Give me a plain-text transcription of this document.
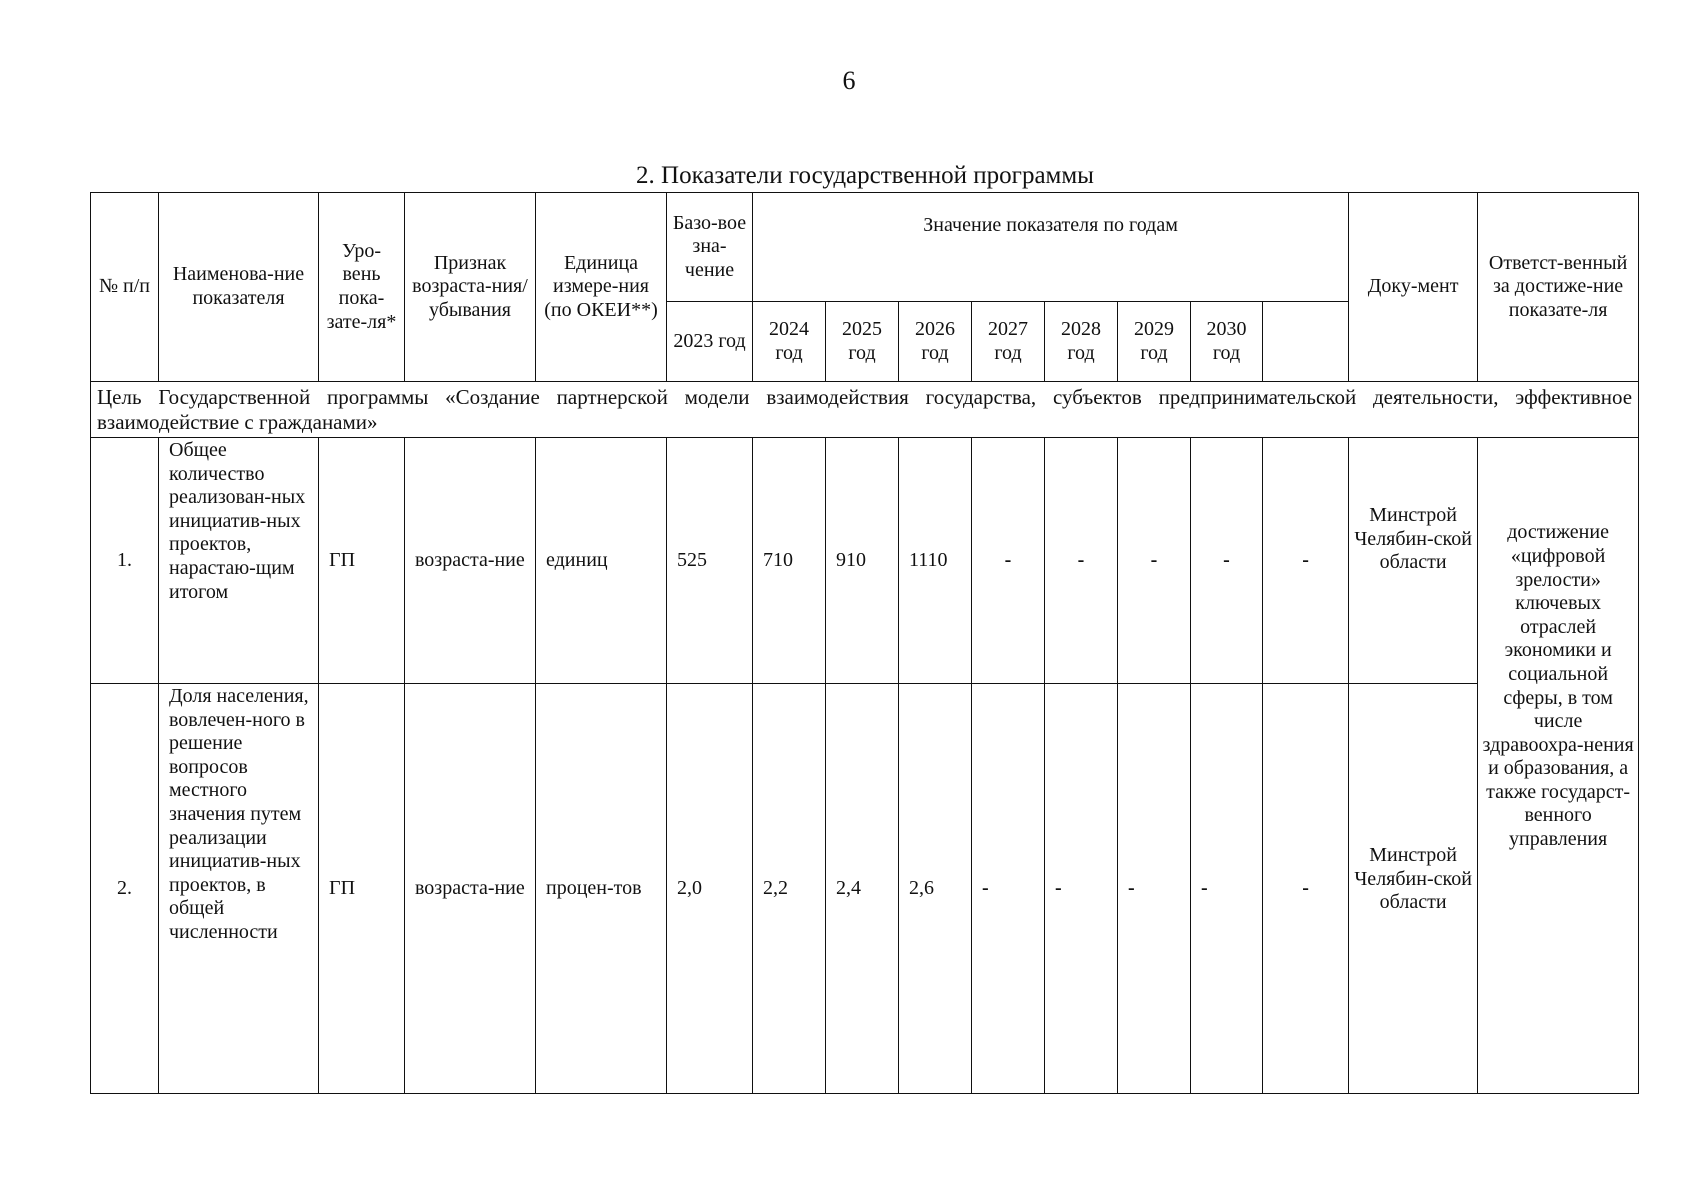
6
2. Показатели государственной программы
№ п/п	Наименова-ние показателя	Уро-вень пока-зате-ля*	Признак возраста-ния/ убывания	Единица измере-ния (по ОКЕИ**)	Базо-вое зна-чение	Значение показателя по годам								Доку-мент	Ответст-венный за достиже-ние показате-ля	
					2023 год	2024 год	2025 год	2026 год	2027 год	2028 год	2029 год	2030 год				
Цель Государственной программы «Создание партнерской модели взаимодействия государства, субъектов предпринимательской деятельности, эффективное взаимодействие с гражданами»																
1.	Общее количество реализован-ных инициатив-ных проектов, нарастаю-щим итогом	ГП	возраста-ние	единиц	525	710	910	1110	-	-	-	-	-	Минстрой Челябин-ской области	достижение «цифровой зрелости» ключевых отраслей экономики и социальной сферы, в том числе здравоохра-нения и образования, а также государст-венного управления	
2.	Доля населения, вовлечен-ного в решение вопросов местного значения путем реализации инициатив-ных проектов, в общей численности	ГП	возраста-ние	процен-тов	2,0	2,2	2,4	2,6	-	-	-	-	-	Минстрой Челябин-ской области		
